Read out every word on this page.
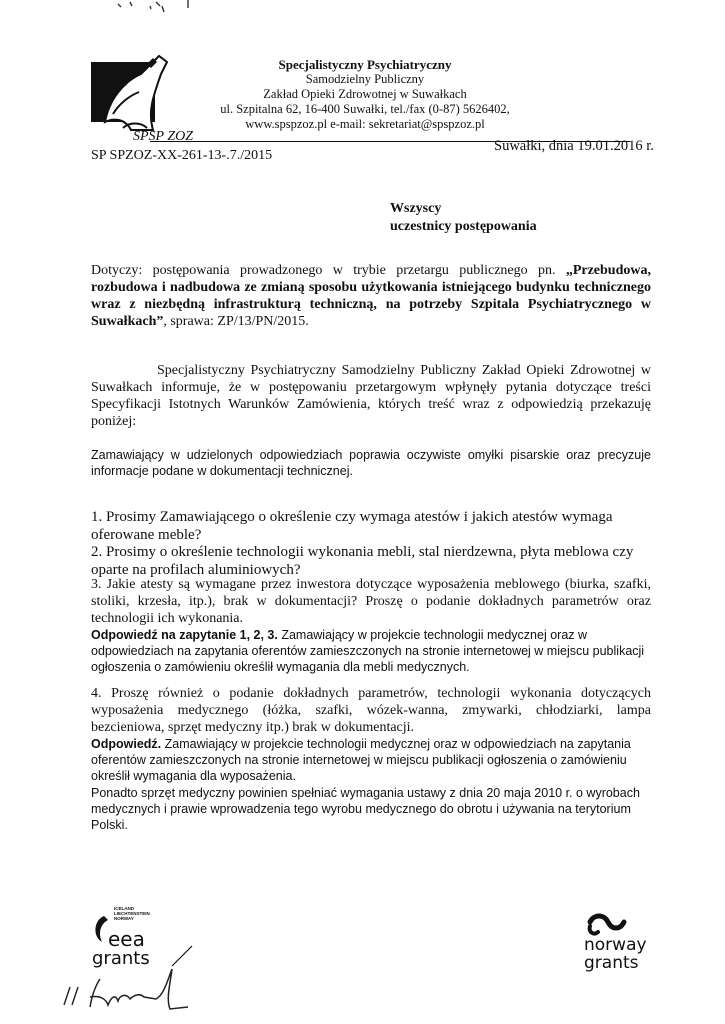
SPSP ZOZ
Specjalistyczny Psychiatryczny
Samodzielny Publiczny
Zakład Opieki Zdrowotnej w Suwałkach
ul. Szpitalna 62, 16-400 Suwałki, tel./fax (0-87) 5626402,
www.spspzoz.pl e-mail: sekretariat@spspzoz.pl
SP SPZOZ-XX-261-13-.7./2015
Suwałki, dnia 19.01.2016 r.
Wszyscy
uczestnicy postępowania
Dotyczy: postępowania prowadzonego w trybie przetargu publicznego pn. „Przebudowa, rozbudowa i nadbudowa ze zmianą sposobu użytkowania istniejącego budynku technicznego wraz z niezbędną infrastrukturą techniczną, na potrzeby Szpitala Psychiatrycznego w Suwałkach”, sprawa: ZP/13/PN/2015.
Specjalistyczny Psychiatryczny Samodzielny Publiczny Zakład Opieki Zdrowotnej w Suwałkach informuje, że w postępowaniu przetargowym wpłynęły pytania dotyczące treści Specyfikacji Istotnych Warunków Zamówienia, których treść wraz z odpowiedzią przekazuję poniżej:
Zamawiający w udzielonych odpowiedziach poprawia oczywiste omyłki pisarskie oraz precyzuje informacje podane w dokumentacji technicznej.
1. Prosimy Zamawiającego o określenie czy wymaga atestów i jakich atestów wymaga oferowane meble?
2. Prosimy o określenie technologii wykonania mebli, stal nierdzewna, płyta meblowa czy oparte na profilach aluminiowych?
3. Jakie atesty są wymagane przez inwestora dotyczące wyposażenia meblowego (biurka, szafki, stoliki, krzesła, itp.), brak w dokumentacji? Proszę o podanie dokładnych parametrów oraz technologii ich wykonania.
Odpowiedź na zapytanie 1, 2, 3. Zamawiający w projekcie technologii medycznej oraz w odpowiedziach na zapytania oferentów zamieszczonych na stronie internetowej w miejscu publikacji ogłoszenia o zamówieniu określił wymagania dla mebli medycznych.
4. Proszę również o podanie dokładnych parametrów, technologii wykonania dotyczących wyposażenia medycznego (łóżka, szafki, wózek-wanna, zmywarki, chłodziarki, lampa bezcieniowa, sprzęt medyczny itp.) brak w dokumentacji.
Odpowiedź. Zamawiający w projekcie technologii medycznej oraz w odpowiedziach na zapytania oferentów zamieszczonych na stronie internetowej w miejscu publikacji ogłoszenia o zamówieniu określił wymagania dla wyposażenia.
Ponadto sprzęt medyczny powinien spełniać wymagania ustawy z dnia 20 maja 2010 r. o wyrobach medycznych i prawie wprowadzenia tego wyrobu medycznego do obrotu i używania na terytorium Polski.
ICELAND
LIECHTENSTEIN
NORWAY
eea
grants
norway
grants
